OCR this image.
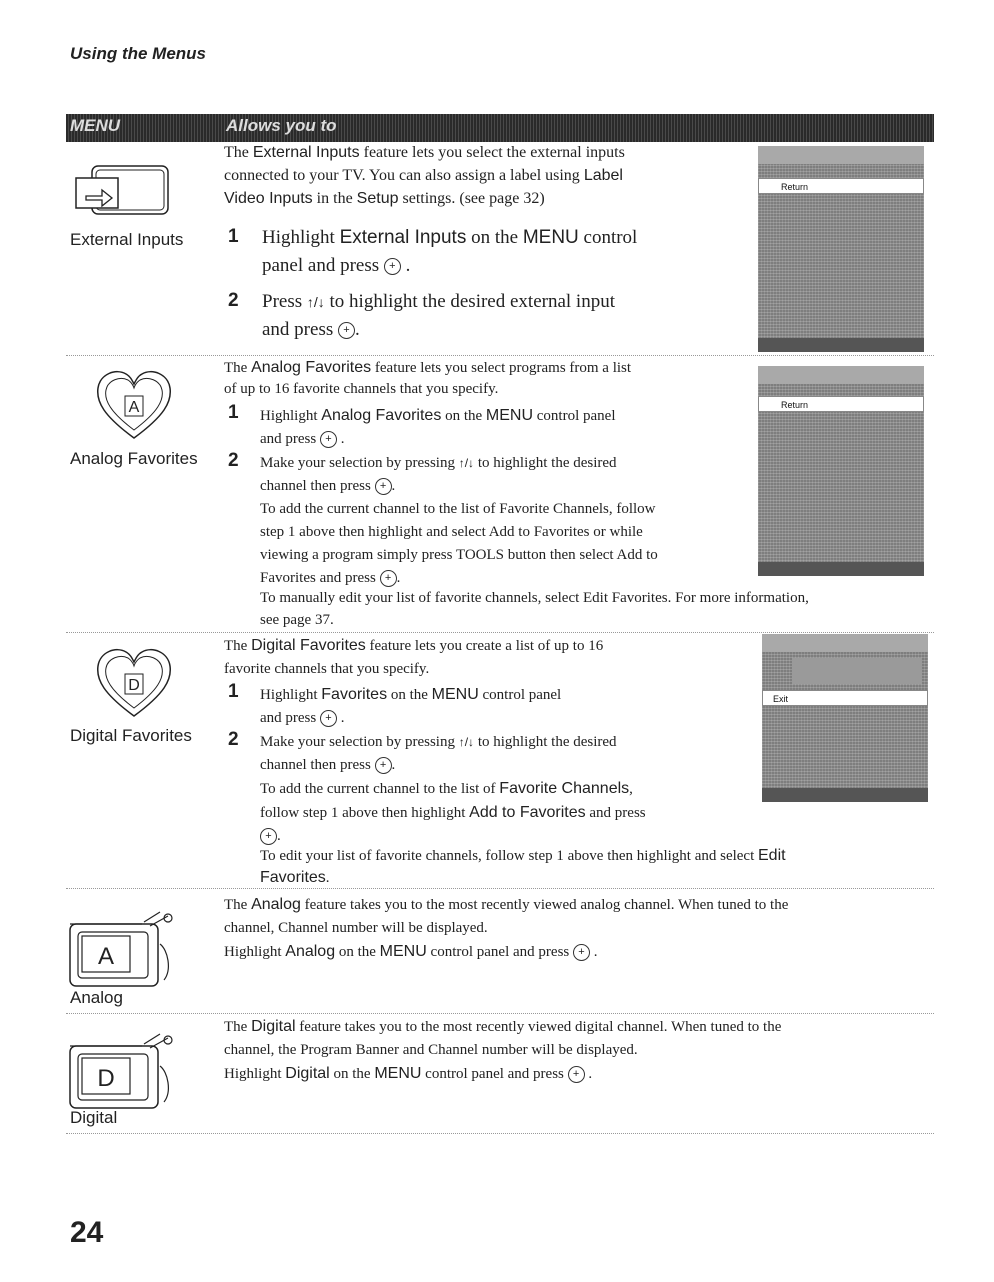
Using the Menus
MENU	Allows you to
External Inputs
The External Inputs feature lets you select the external inputs
connected to your TV. You can also assign a label using Label
Video Inputs in the Setup settings. (see page 32)
1 Highlight External Inputs on the MENU control
panel and press + .
2 Press ↑/↓ to highlight the desired external input
and press + .
Return
A
Analog Favorites
The Analog Favorites feature lets you select programs from a list
of up to 16 favorite channels that you specify.
1 Highlight Analog Favorites on the MENU control panel
and press + .
2 Make your selection by pressing ↑/↓ to highlight the desired
channel then press + .
To add the current channel to the list of Favorite Channels, follow
step 1 above then highlight and select Add to Favorites or while
viewing a program simply press TOOLS button then select Add to
Favorites and press + .
To manually edit your list of favorite channels, select Edit Favorites. For more information,
see page 37.
Return
D
Digital Favorites
The Digital Favorites feature lets you create a list of up to 16
favorite channels that you specify.
1 Highlight Favorites on the MENU control panel
and press + .
2 Make your selection by pressing ↑/↓ to highlight the desired
channel then press + .
To add the current channel to the list of Favorite Channels,
follow step 1 above then highlight Add to Favorites and press
+ .
To edit your list of favorite channels, follow step 1 above then highlight and select Edit
Favorites.
Exit
A
Analog
The Analog feature takes you to the most recently viewed analog channel. When tuned to the
channel, Channel number will be displayed.
Highlight Analog on the MENU control panel and press + .
D
Digital
The Digital feature takes you to the most recently viewed digital channel. When tuned to the
channel, the Program Banner and Channel number will be displayed.
Highlight Digital on the MENU control panel and press + .
24
